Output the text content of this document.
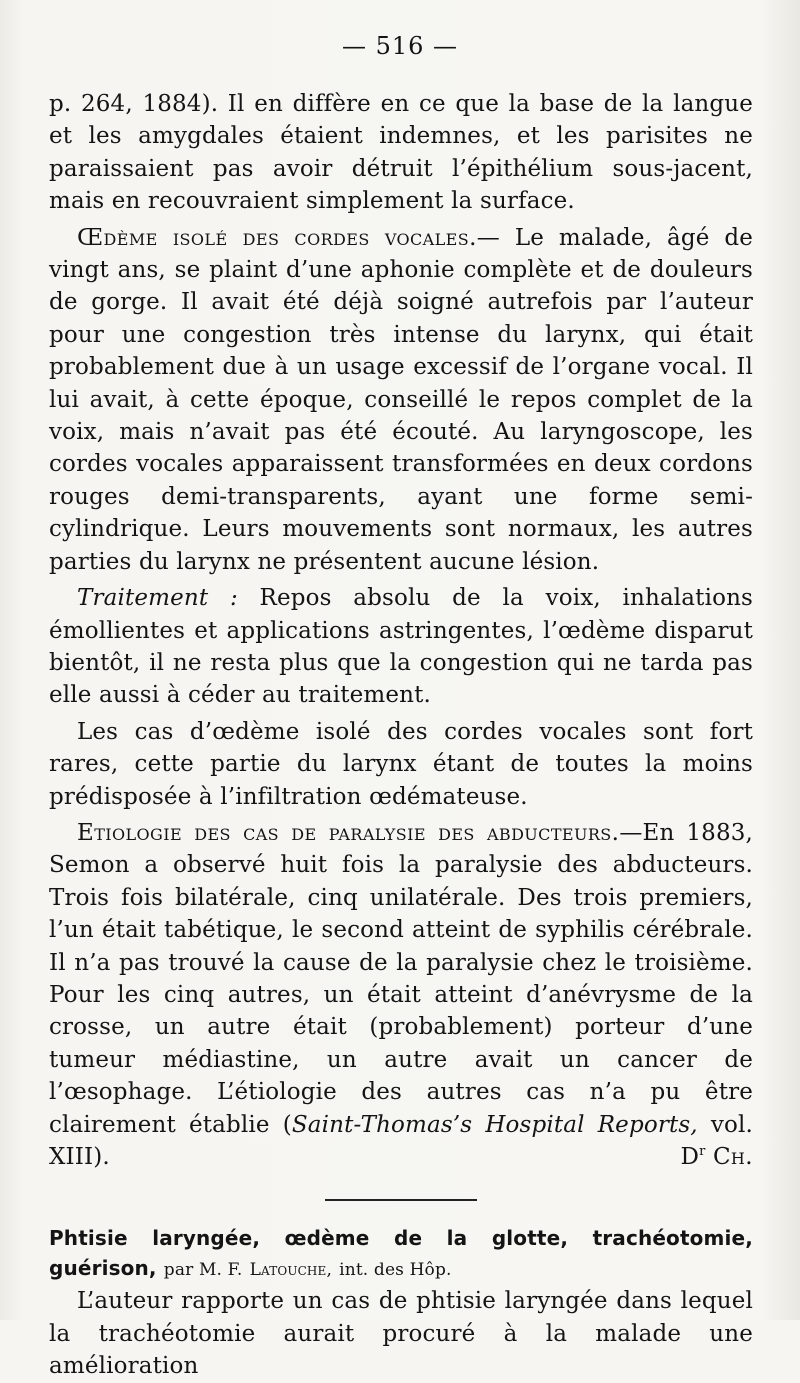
— 516 —

p. 264, 1884). Il en diffère en ce que la base de la langue et les amygdales étaient indemnes, et les parisites ne paraissaient pas avoir détruit l’épithélium sous-jacent, mais en recouvraient simplement la surface.

Œdème isolé des cordes vocales.— Le malade, âgé de vingt ans, se plaint d’une aphonie complète et de douleurs de gorge. Il avait été déjà soigné autrefois par l’auteur pour une congestion très intense du larynx, qui était probablement due à un usage excessif de l’organe vocal. Il lui avait, à cette époque, conseillé le repos complet de la voix, mais n’avait pas été écouté. Au laryngoscope, les cordes vocales apparaissent transformées en deux cordons rouges demi-transparents, ayant une forme semi-cylindrique. Leurs mouvements sont normaux, les autres parties du larynx ne présentent aucune lésion.

Traitement : Repos absolu de la voix, inhalations émollientes et applications astringentes, l’œdème disparut bientôt, il ne resta plus que la congestion qui ne tarda pas elle aussi à céder au traitement.

Les cas d’œdème isolé des cordes vocales sont fort rares, cette partie du larynx étant de toutes la moins prédisposée à l’infiltration œdémateuse.

Etiologie des cas de paralysie des abducteurs.—En 1883, Semon a observé huit fois la paralysie des abducteurs. Trois fois bilatérale, cinq unilatérale. Des trois premiers, l’un était tabétique, le second atteint de syphilis cérébrale. Il n’a pas trouvé la cause de la paralysie chez le troisième. Pour les cinq autres, un était atteint d’anévrysme de la crosse, un autre était (probablement) porteur d’une tumeur médiastine, un autre avait un cancer de l’œsophage. L’étiologie des autres cas n’a pu être clairement établie (Saint-Thomas’s Hospital Reports, vol. XIII).	$D^r$ Ch.

Phtisie laryngée, œdème de la glotte, trachéotomie, guérison, par M. F. Latouche, int. des Hôp.

L’auteur rapporte un cas de phtisie laryngée dans lequel la trachéotomie aurait procuré à la malade une amélioration
